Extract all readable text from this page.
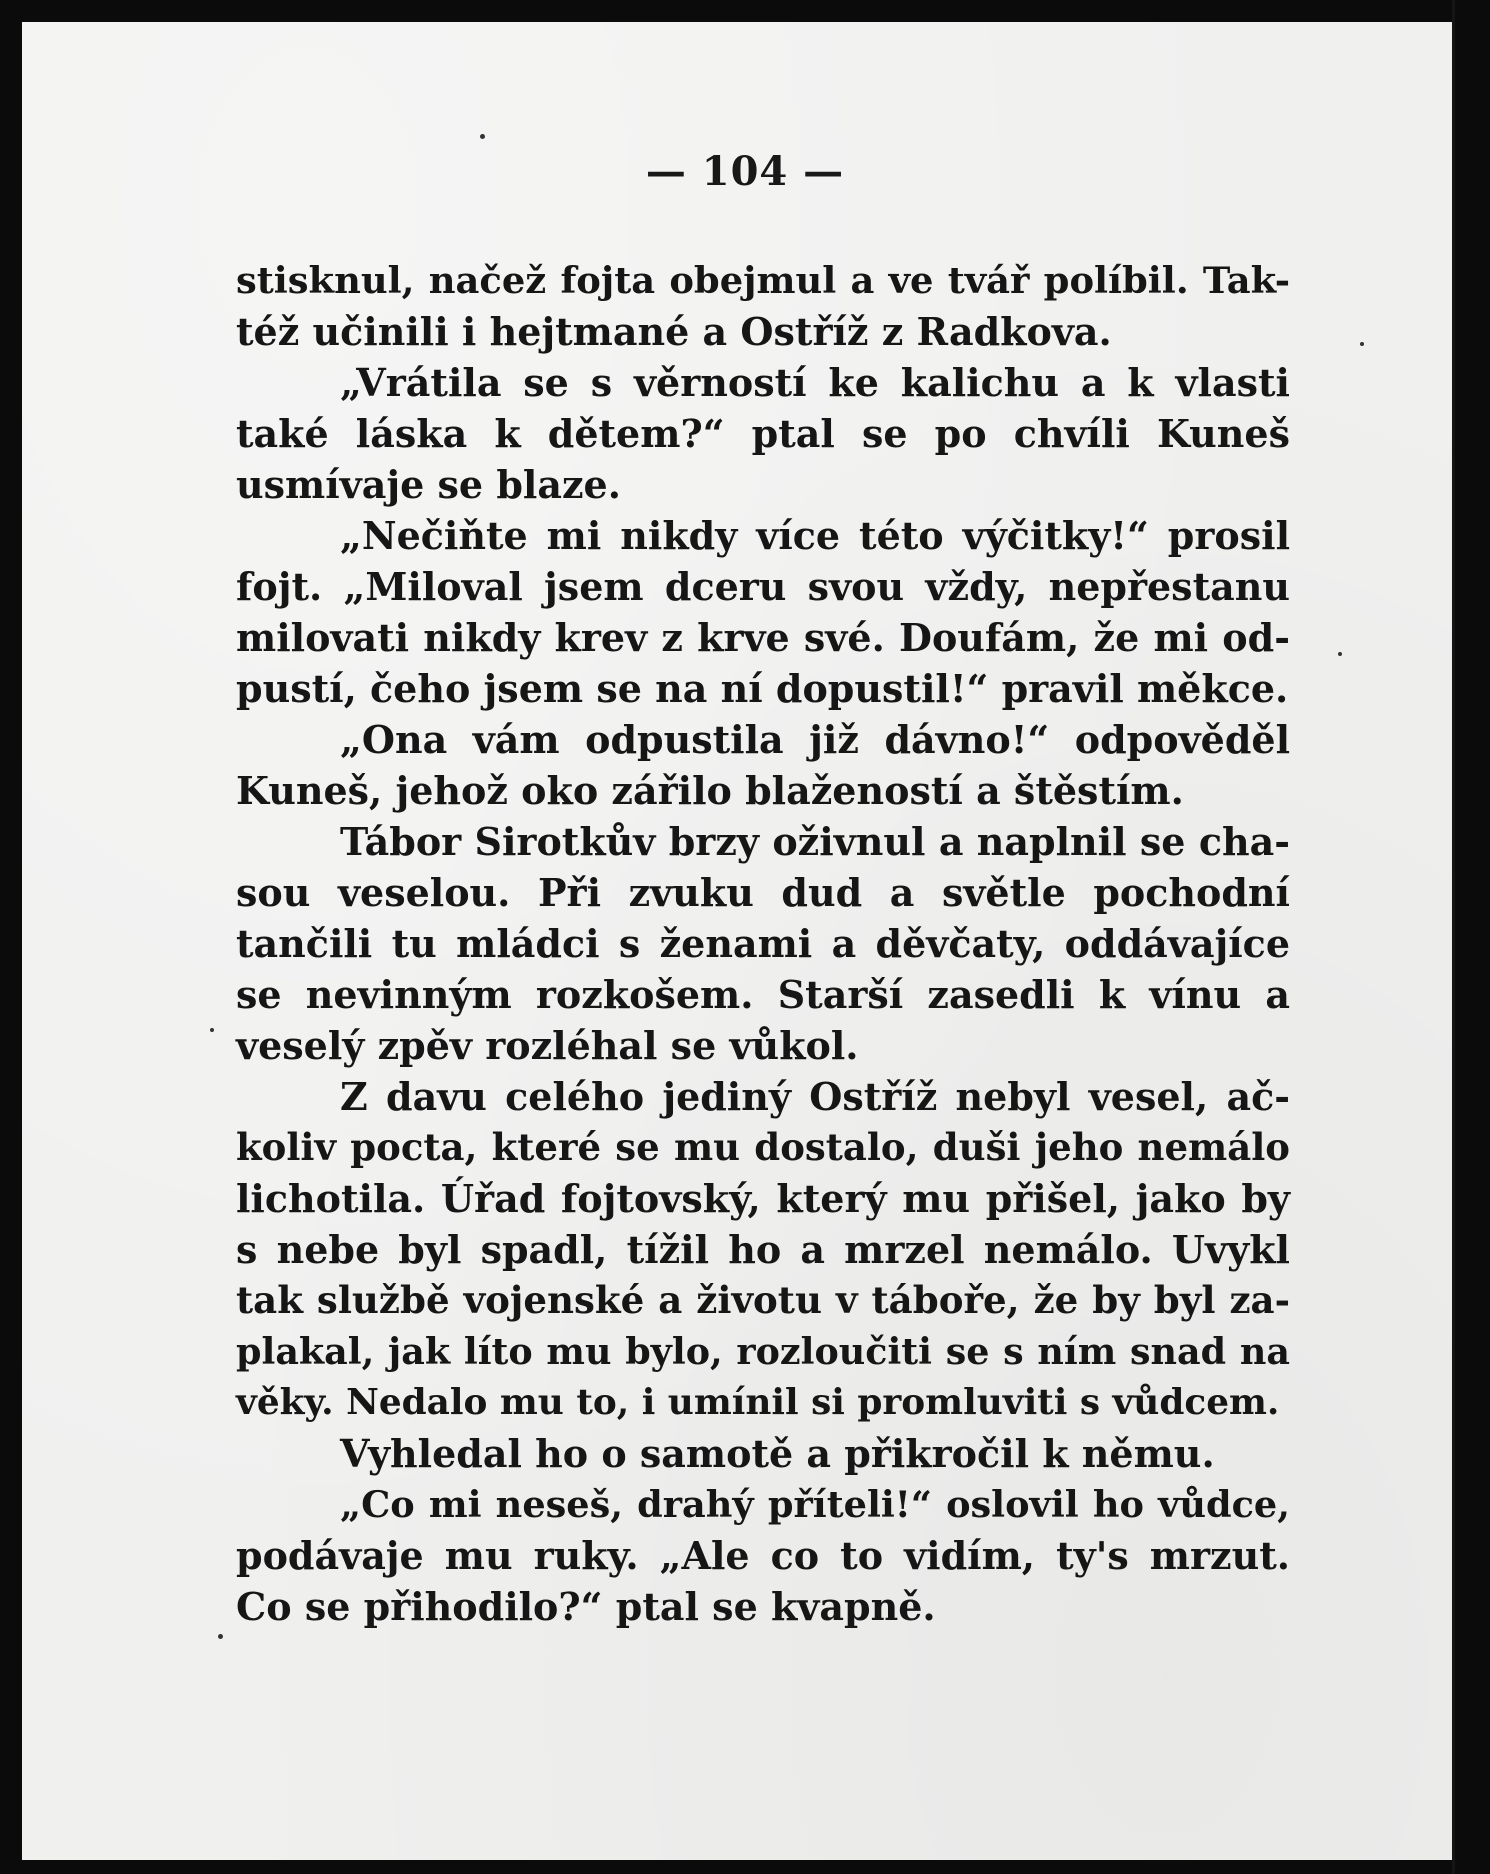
— 104 —
stisknul, načež fojta obejmul a ve tvář políbil. Tak-
též učinili i hejtmané a Ostříž z Radkova.
„Vrátila se s věrností ke kalichu a k vlasti
také láska k dětem?“ ptal se po chvíli Kuneš
usmívaje se blaze.
„Nečiňte mi nikdy více této výčitky!“ prosil
fojt. „Miloval jsem dceru svou vždy, nepřestanu
milovati nikdy krev z krve své. Doufám, že mi od-
pustí, čeho jsem se na ní dopustil!“ pravil měkce.
„Ona vám odpustila již dávno!“ odpověděl
Kuneš, jehož oko zářilo blažeností a štěstím.
Tábor Sirotkův brzy oživnul a naplnil se cha-
sou veselou. Při zvuku dud a světle pochodní
tančili tu mládci s ženami a děvčaty, oddávajíce
se nevinným rozkošem. Starší zasedli k vínu a
veselý zpěv rozléhal se vůkol.
Z davu celého jediný Ostříž nebyl vesel, ač-
koliv pocta, které se mu dostalo, duši jeho nemálo
lichotila. Úřad fojtovský, který mu přišel, jako by
s nebe byl spadl, tížil ho a mrzel nemálo. Uvykl
tak službě vojenské a životu v táboře, že by byl za-
plakal, jak líto mu bylo, rozloučiti se s ním snad na
věky. Nedalo mu to, i umínil si promluviti s vůdcem.
Vyhledal ho o samotě a přikročil k němu.
„Co mi neseš, drahý příteli!“ oslovil ho vůdce,
podávaje mu ruky. „Ale co to vidím, ty's mrzut.
Co se přihodilo?“ ptal se kvapně.
